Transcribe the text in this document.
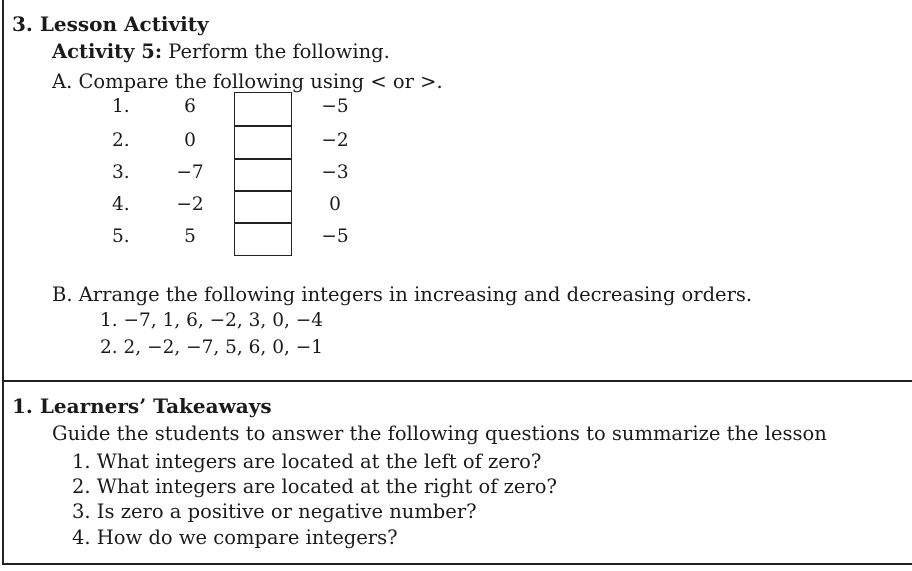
3. Lesson Activity
Activity 5: Perform the following.
A. Compare the following using < or >.
1.	6	−5
2.	0	−2
3.	−7	−3
4.	−2	0
5.	5	−5
B. Arrange the following integers in increasing and decreasing orders.
1. −7, 1, 6, −2, 3, 0, −4
2. 2, −2, −7, 5, 6, 0, −1
1. Learners’ Takeaways
Guide the students to answer the following questions to summarize the lesson
1. What integers are located at the left of zero?
2. What integers are located at the right of zero?
3. Is zero a positive or negative number?
4. How do we compare integers?
